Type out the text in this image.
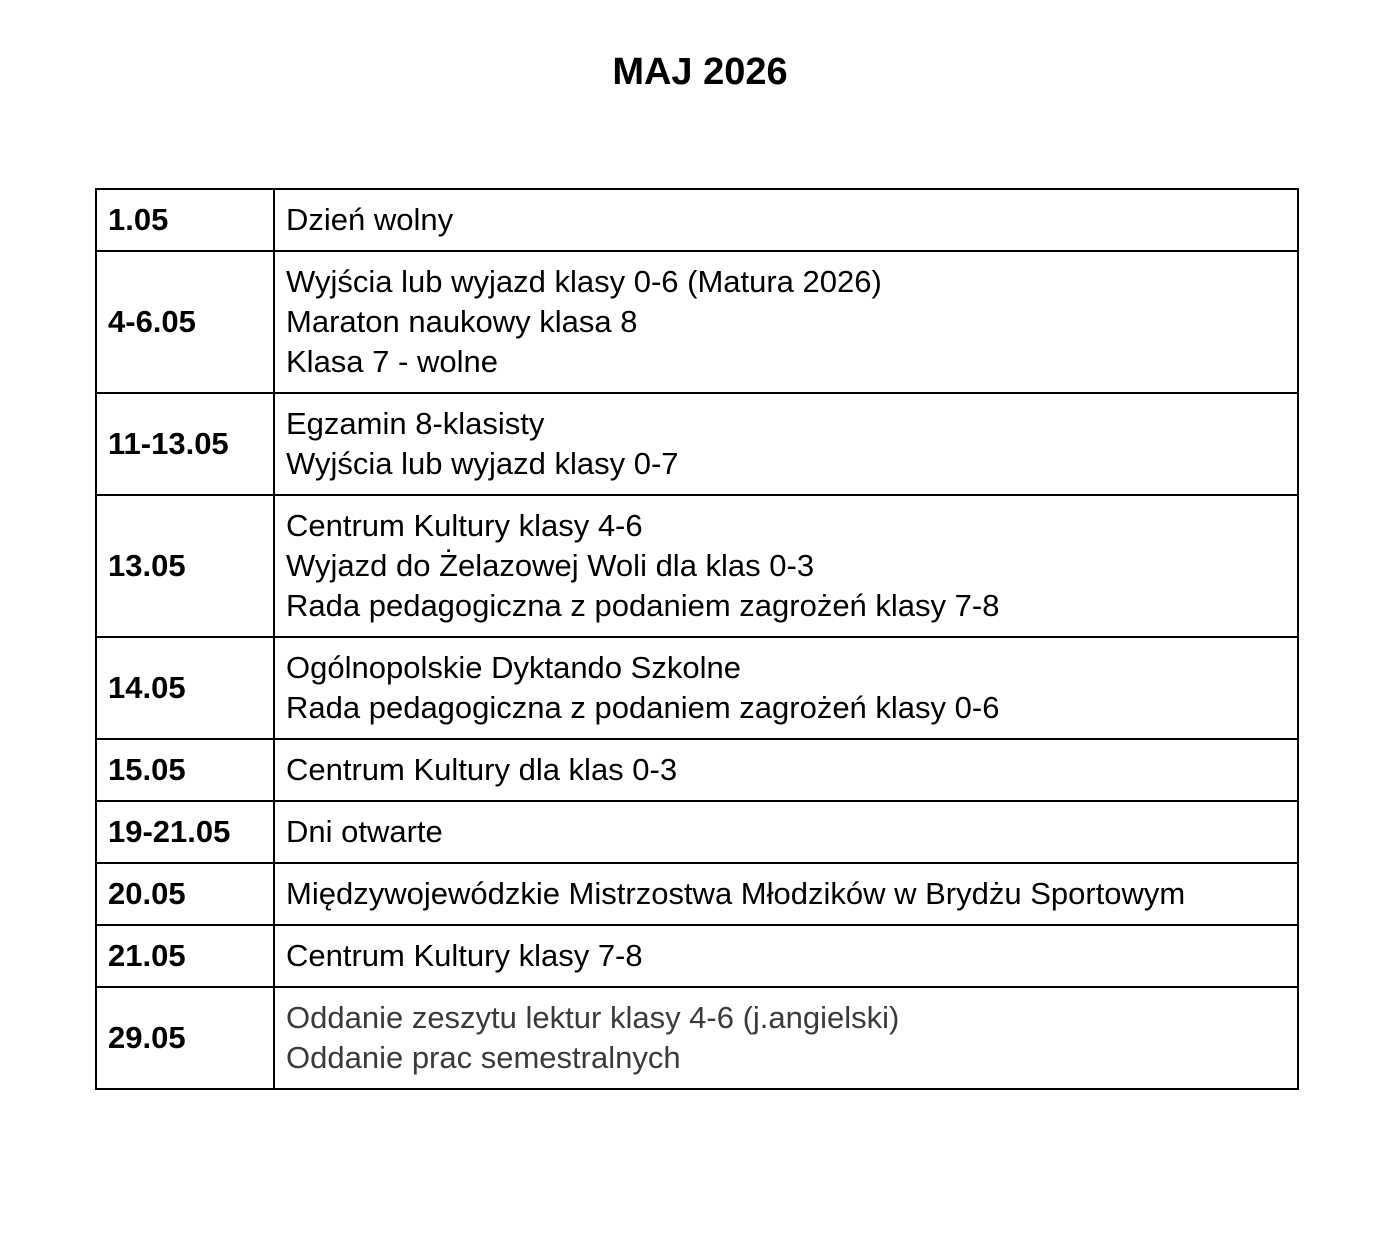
MAJ 2026
1.05	Dzień wolny

4-6.05	Wyjścia lub wyjazd klasy 0-6 (Matura 2026)
Maraton naukowy klasa 8
Klasa 7 - wolne

11-13.05	Egzamin 8-klasisty
Wyjścia lub wyjazd klasy 0-7

13.05	Centrum Kultury klasy 4-6
Wyjazd do Żelazowej Woli dla klas 0-3
Rada pedagogiczna z podaniem zagrożeń klasy 7-8

14.05	Ogólnopolskie Dyktando Szkolne
Rada pedagogiczna z podaniem zagrożeń klasy 0-6

15.05	Centrum Kultury dla klas 0-3

19-21.05	Dni otwarte

20.05	Międzywojewódzkie Mistrzostwa Młodzików w Brydżu Sportowym

21.05	Centrum Kultury klasy 7-8

29.05	Oddanie zeszytu lektur klasy 4-6 (j.angielski)
Oddanie prac semestralnych
